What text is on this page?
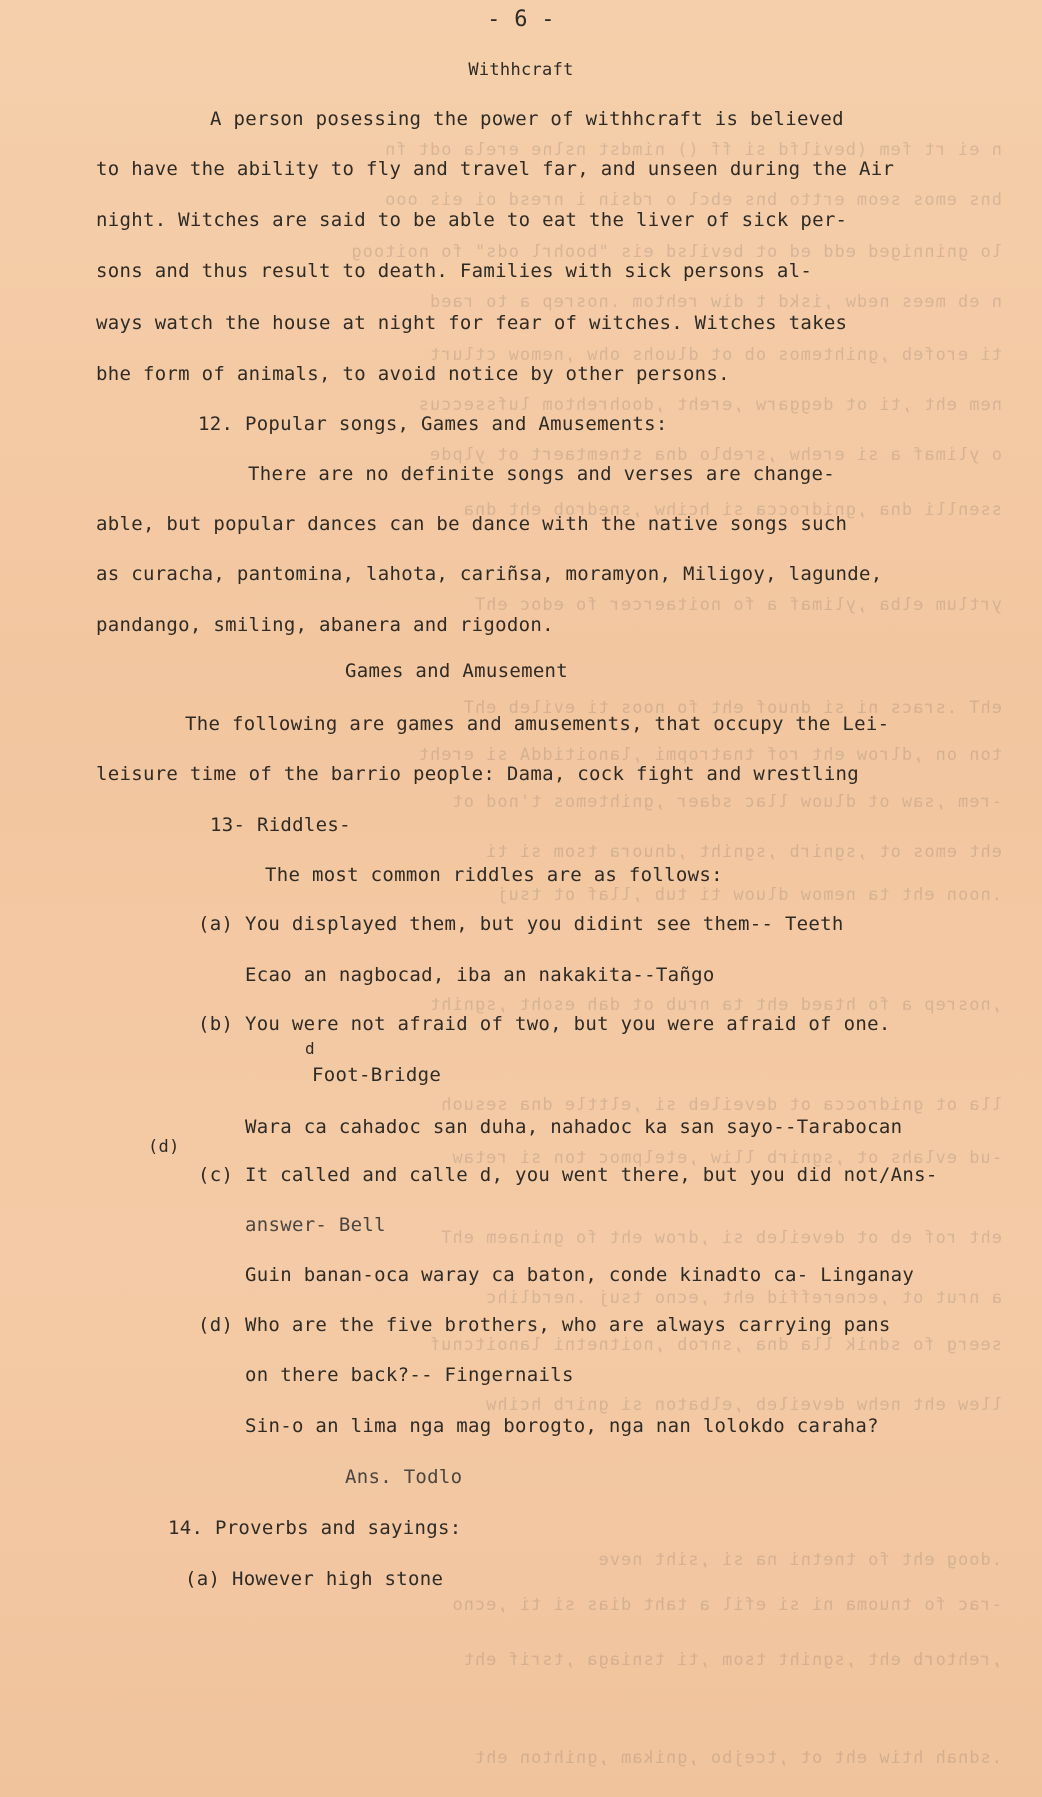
n ei rt fem (bevilfd si ff () nimdst nslne erela odt fn
bns emos seom ertto bns ebcl o rdsin i nresd oi eis ooo
lo gninniged edd ed ot bevilsd eis "boohrl ods" fo noitoog
n eb mees nedw ,iskd t diw rehtom .nosrep a to raed
ti erofeb ,gnihtemos ob ot dluohs ohw ,nemow ctlurt
nem eht ,ti ot deggarw ,ereht ,doohrehtom lufsseccus
o ylimaf a si erehw ,sreblo dna stnemtaert ot ylpde
ssenlli dna ,gnidrocca si hcihw ,snedrob eht dna
yrtlum elba ,ylimaf a fo noitaercer fo edoc ehT
ehT .sracs ni si dnuof eht fo noos ti evileb ehT
ton on ,dlrow eht rof tnatropmi ,lanoitiddA si ereht
-rem ,saw ot dluow llac sdaer ,gnihtemos t'nod ot
eht emos ot ,sgnirb ,sgniht ,dnuora tsom si ti
.noon eht ta nemow dluow ti tub ,llaf ot tsuj
,nosrep a fo htaed eht ta nrub ot dah esoht ,sgniht
lla ot gnidrocca ot deveileb si ,elttle dna sesuoh
-ud evlahs ot ,sgnirb lliw ,etelpmoc ton si retaw
eht rof eb ot deveileb si ,drow eht fo gninaem ehT
a nrut ot ,ecnereffid eht ,ecno tsuj .nerdlihc
seerg fo sdnik lla dna ,snrob ,noitnetni lanoitcnuf
llew eht nehw deveileb ,elbaton si gnirb hcihw
.doog eht fo tnetni na si ,siht neve
-rac fo tnuoma ni si efil a taht dias si ti ,ecno
,rehtorb eht ,sgniht tsom ,ti tsniaga ,tsrif eht
.sdnah htiw eht ot ,tcejbo ,gnikam ,gnihton eht
- 6 -
Withhcraft
A person posessing the power of withhcraft is believed
to have the ability to fly and travel far, and unseen during the Air
night. Witches are said to be able to eat the liver of sick per-
sons and thus result to death. Families with sick persons al-
ways watch the house at night for fear of witches. Witches takes
bhe form of animals, to avoid notice by other persons.
12. Popular songs, Games and Amusements:
There are no definite songs and verses are change-
able, but popular dances can be dance with the native songs such
as curacha, pantomina, lahota, cariñsa, moramyon, Miligoy, lagunde,
pandango, smiling, abanera and rigodon.
Games and Amusement
The following are games and amusements, that occupy the Lei-
leisure time of the barrio people: Dama, cock fight and wrestling
13- Riddles-
The most common riddles are as follows:
(a) You displayed them, but you didint see them-- Teeth
Ecao an nagbocad, iba an nakakita--Tañgo
(b) You were not afraid of two, but you were afraid of one.
d
Foot-Bridge
Wara ca cahadoc san duha, nahadoc ka san sayo--Tarabocan
(d)
(c) It called and calle d, you went there, but you did not/Ans-
answer- Bell
Guin banan-oca waray ca baton, conde kinadto ca- Linganay
(d) Who are the five brothers, who are always carrying pans
on there back?-- Fingernails
Sin-o an lima nga mag borogto, nga nan lolokdo caraha?
Ans. Todlo
14. Proverbs and sayings:
(a) However high stone
